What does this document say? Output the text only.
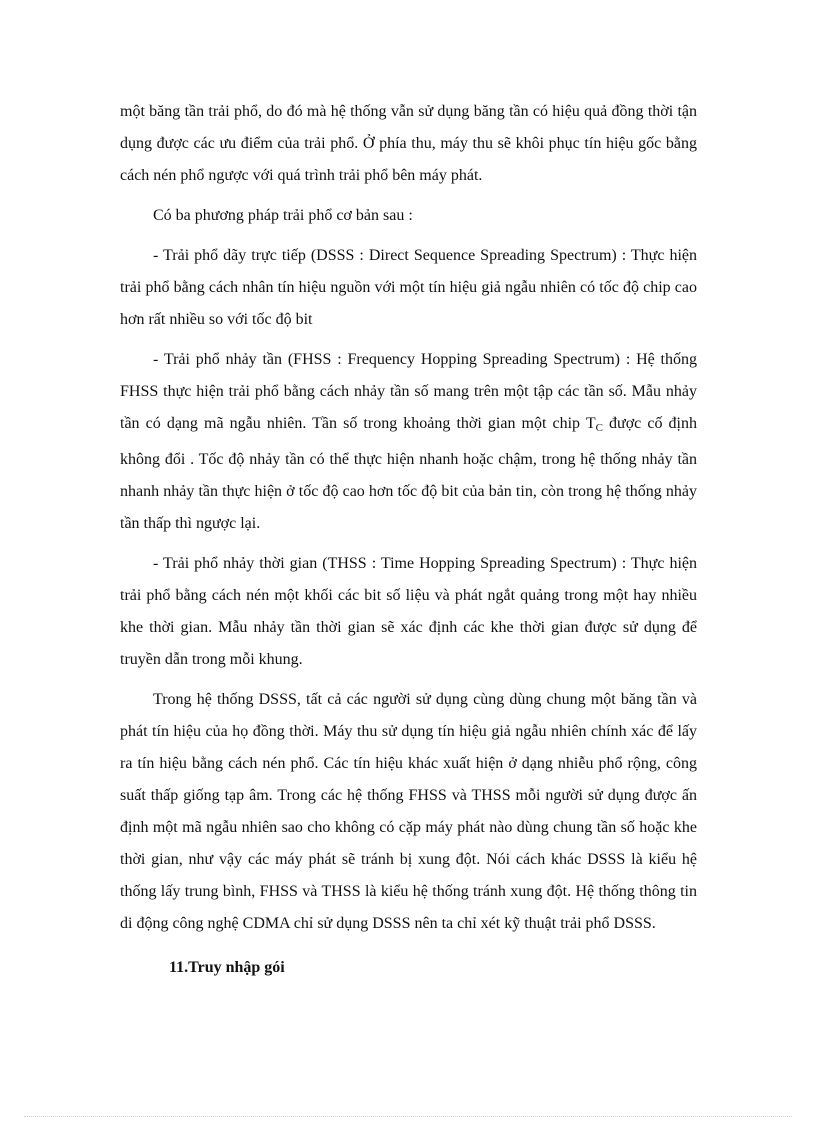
một băng tần trải phổ, do đó mà hệ thống vẫn sử dụng băng tần có hiệu quả đồng thời tận dụng được các ưu điểm của trải phổ. Ở phía thu, máy thu sẽ khôi phục tín hiệu gốc bằng cách nén phổ ngược với quá trình trải phổ bên máy phát.

Có ba phương pháp trải phổ cơ bản sau :

- Trải phổ dãy trực tiếp (DSSS : Direct Sequence Spreading Spectrum) : Thực hiện trải phổ bằng cách nhân tín hiệu nguồn với một tín hiệu giả ngẫu nhiên có tốc độ chip cao hơn rất nhiều so với tốc độ bit

- Trải phổ nhảy tần (FHSS : Frequency Hopping Spreading Spectrum) : Hệ thống FHSS thực hiện trải phổ bằng cách nhảy tần số mang trên một tập các tần số. Mẫu nhảy tần có dạng mã ngẫu nhiên. Tần số trong khoảng thời gian một chip $T_C$ được cố định không đổi . Tốc độ nhảy tần có thể thực hiện nhanh hoặc chậm, trong hệ thống nhảy tần nhanh nhảy tần thực hiện ở tốc độ cao hơn tốc độ bit của bản tin, còn trong hệ thống nhảy tần thấp thì ngược lại.

- Trải phổ nhảy thời gian (THSS : Time Hopping Spreading Spectrum) : Thực hiện trải phổ bằng cách nén một khối các bit số liệu và phát ngắt quảng trong một hay nhiều khe thời gian. Mẫu nhảy tần thời gian sẽ xác định các khe thời gian được sử dụng để truyền dẫn trong mỗi khung.

Trong hệ thống DSSS, tất cả các người sử dụng cùng dùng chung một băng tần và phát tín hiệu của họ đồng thời. Máy thu sử dụng tín hiệu giả ngẫu nhiên chính xác để lấy ra tín hiệu bằng cách nén phổ. Các tín hiệu khác xuất hiện ở dạng nhiễu phổ rộng, công suất thấp giống tạp âm. Trong các hệ thống FHSS và THSS mỗi người sử dụng được ấn định một mã ngẫu nhiên sao cho không có cặp máy phát nào dùng chung tần số hoặc khe thời gian, như vậy các máy phát sẽ tránh bị xung đột. Nói cách khác DSSS là kiểu hệ thống lấy trung bình, FHSS và THSS là kiểu hệ thống tránh xung đột. Hệ thống thông tin di động công nghệ CDMA chỉ sử dụng DSSS nên ta chỉ xét kỹ thuật trải phổ DSSS.

11.Truy nhập gói
